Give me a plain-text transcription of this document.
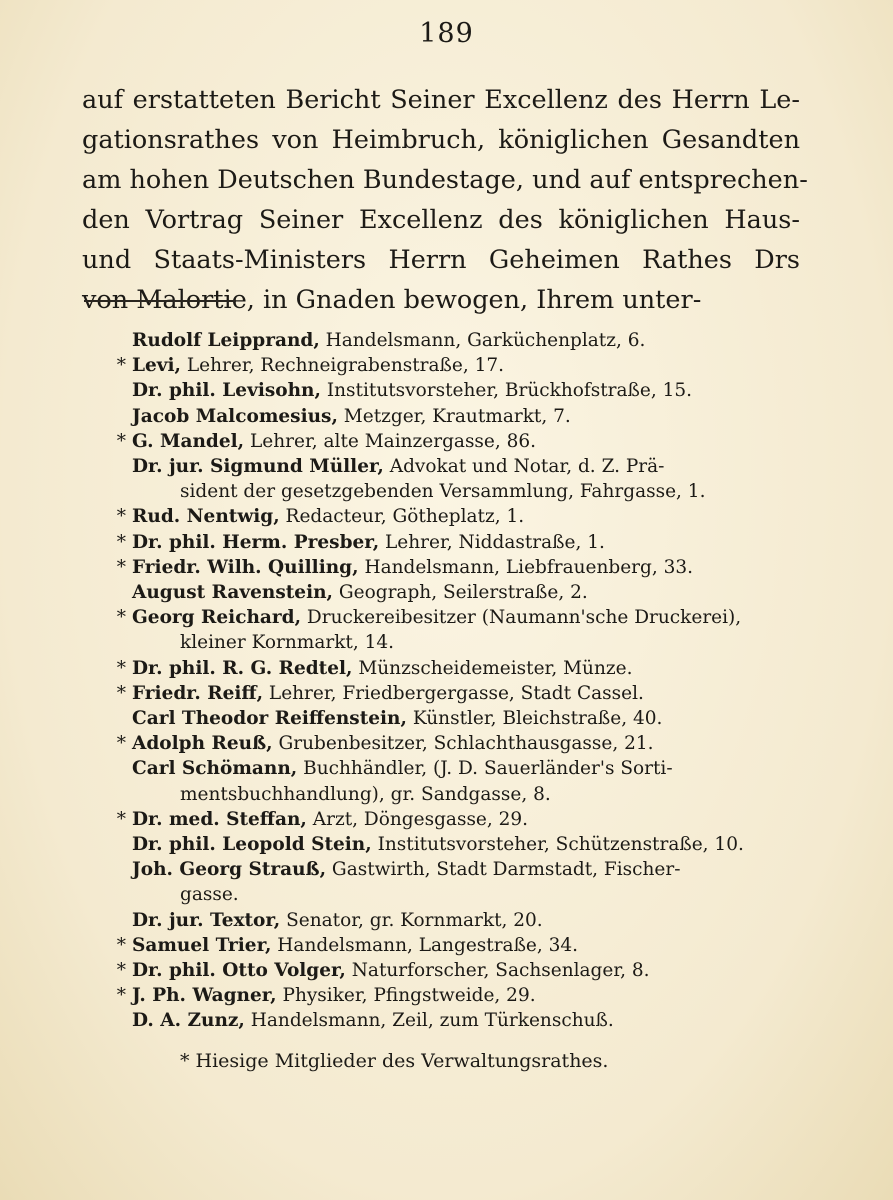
189
auf erstatteten Bericht Seiner Excellenz des Herrn Le-
gationsrathes von Heimbruch, königlichen Gesandten
am hohen Deutschen Bundestage, und auf entsprechen-
den Vortrag Seiner Excellenz des königlichen Haus-
und Staats-Ministers Herrn Geheimen Rathes Drs
von Malortie, in Gnaden bewogen, Ihrem unter-
Rudolf Leipprand, Handelsmann, Garküchenplatz, 6.
* Levi, Lehrer, Rechneigrabenstraße, 17.
Dr. phil. Levisohn, Institutsvorsteher, Brückhofstraße, 15.
Jacob Malcomesius, Metzger, Krautmarkt, 7.
* G. Mandel, Lehrer, alte Mainzergasse, 86.
Dr. jur. Sigmund Müller, Advokat und Notar, d. Z. Prä-
sident der gesetzgebenden Versammlung, Fahrgasse, 1.
* Rud. Nentwig, Redacteur, Götheplatz, 1.
* Dr. phil. Herm. Presber, Lehrer, Niddastraße, 1.
* Friedr. Wilh. Quilling, Handelsmann, Liebfrauenberg, 33.
August Ravenstein, Geograph, Seilerstraße, 2.
* Georg Reichard, Druckereibesitzer (Naumann'sche Druckerei),
kleiner Kornmarkt, 14.
* Dr. phil. R. G. Redtel, Münzscheidemeister, Münze.
* Friedr. Reiff, Lehrer, Friedbergergasse, Stadt Cassel.
Carl Theodor Reiffenstein, Künstler, Bleichstraße, 40.
* Adolph Reuß, Grubenbesitzer, Schlachthausgasse, 21.
Carl Schömann, Buchhändler, (J. D. Sauerländer's Sorti-
mentsbuchhandlung), gr. Sandgasse, 8.
* Dr. med. Steffan, Arzt, Döngesgasse, 29.
Dr. phil. Leopold Stein, Institutsvorsteher, Schützenstraße, 10.
Joh. Georg Strauß, Gastwirth, Stadt Darmstadt, Fischer-
gasse.
Dr. jur. Textor, Senator, gr. Kornmarkt, 20.
* Samuel Trier, Handelsmann, Langestraße, 34.
* Dr. phil. Otto Volger, Naturforscher, Sachsenlager, 8.
* J. Ph. Wagner, Physiker, Pfingstweide, 29.
D. A. Zunz, Handelsmann, Zeil, zum Türkenschuß.
* Hiesige Mitglieder des Verwaltungsrathes.
